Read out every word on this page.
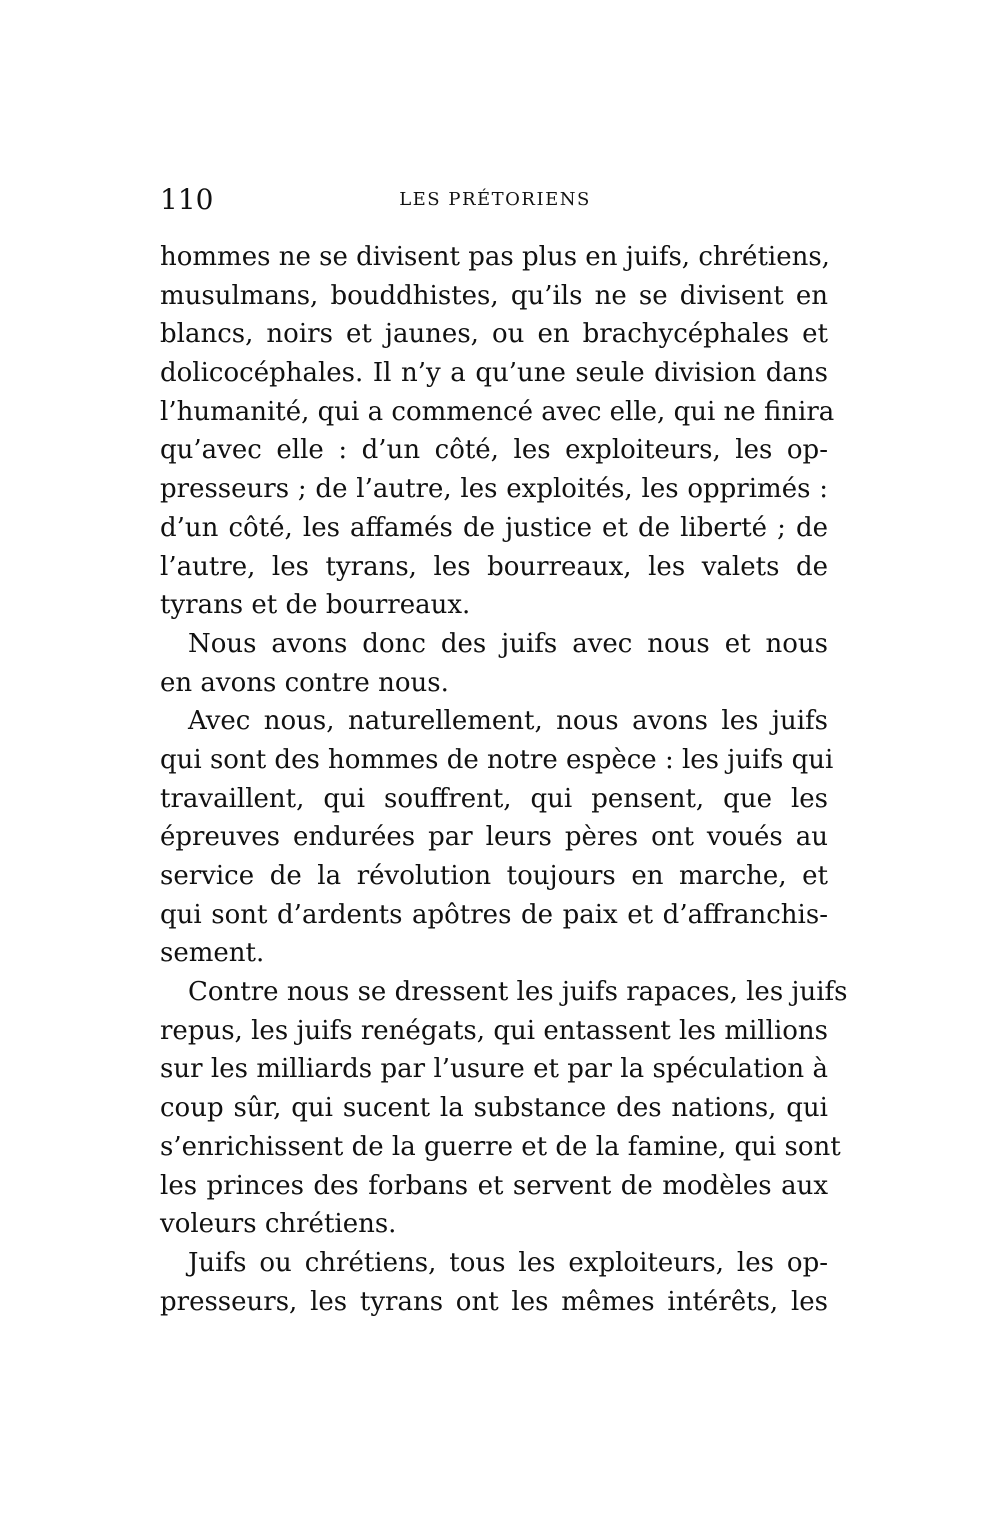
110	LES PRÉTORIENS
hommes ne se divisent pas plus en juifs, chrétiens,
musulmans, bouddhistes, qu’ils ne se divisent en
blancs, noirs et jaunes, ou en brachycéphales et
dolicocéphales. Il n’y a qu’une seule division dans
l’humanité, qui a commencé avec elle, qui ne finira
qu’avec elle : d’un côté, les exploiteurs, les op-
presseurs ; de l’autre, les exploités, les opprimés :
d’un côté, les affamés de justice et de liberté ; de
l’autre, les tyrans, les bourreaux, les valets de
tyrans et de bourreaux.
Nous avons donc des juifs avec nous et nous
en avons contre nous.
Avec nous, naturellement, nous avons les juifs
qui sont des hommes de notre espèce : les juifs qui
travaillent, qui souffrent, qui pensent, que les
épreuves endurées par leurs pères ont voués au
service de la révolution toujours en marche, et
qui sont d’ardents apôtres de paix et d’affranchis-
sement.
Contre nous se dressent les juifs rapaces, les juifs
repus, les juifs renégats, qui entassent les millions
sur les milliards par l’usure et par la spéculation à
coup sûr, qui sucent la substance des nations, qui
s’enrichissent de la guerre et de la famine, qui sont
les princes des forbans et servent de modèles aux
voleurs chrétiens.
Juifs ou chrétiens, tous les exploiteurs, les op-
presseurs, les tyrans ont les mêmes intérêts, les
